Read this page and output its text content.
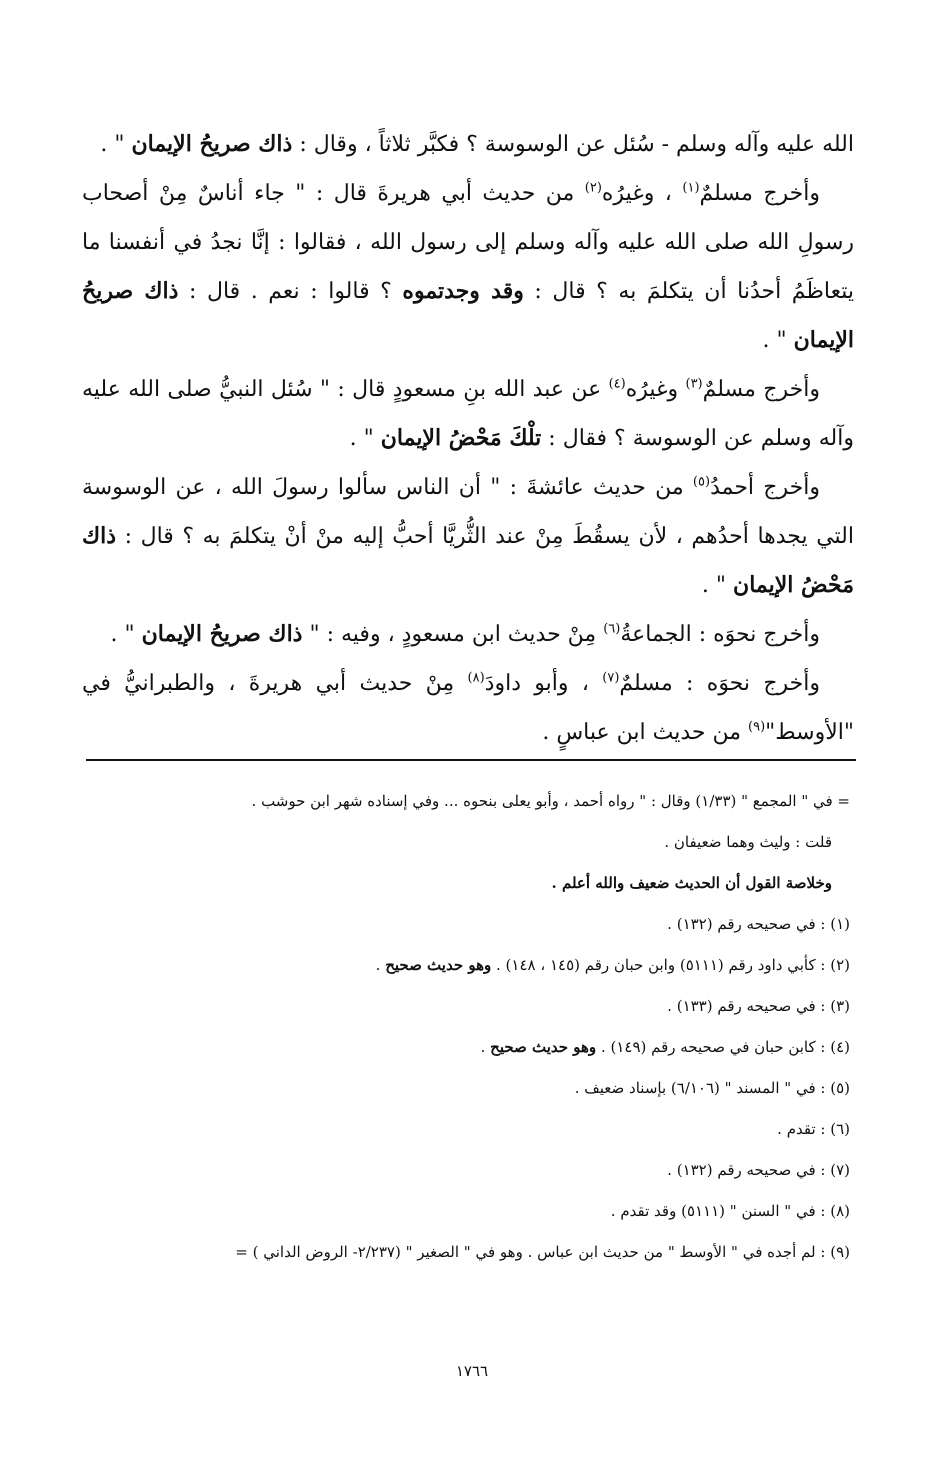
الله عليه وآله وسلم - سُئل عن الوسوسة ؟ فكبَّر ثلاثاً ، وقال : ذاك صريحُ الإيمان " .

وأخرج مسلمٌ$^{(١)}$ ، وغيرُه$^{(٢)}$ من حديث أبي هريرةَ قال : " جاء أناسٌ مِنْ أصحاب رسولِ الله صلى الله عليه وآله وسلم إلى رسول الله ، فقالوا : إنَّا نجدُ في أنفسنا ما يتعاظَمُ أحدُنا أن يتكلمَ به ؟ قال : وقد وجدتموه ؟ قالوا : نعم . قال : ذاك صريحُ الإيمان " .

وأخرج مسلمٌ$^{(٣)}$ وغيرُه$^{(٤)}$ عن عبد الله بنِ مسعودٍ قال : " سُئل النبيُّ صلى الله عليه وآله وسلم عن الوسوسة ؟ فقال : تلْكَ مَحْضُ الإيمان " .

وأخرج أحمدُ$^{(٥)}$ من حديث عائشةَ : " أن الناس سألوا رسولَ الله ، عن الوسوسة التي يجدها أحدُهم ، لأن يسقُطَ مِنْ عند الثُّريَّا أحبُّ إليه منْ أنْ يتكلمَ به ؟ قال : ذاك مَحْضُ الإيمان " .

وأخرج نحوَه : الجماعةُ$^{(٦)}$ مِنْ حديث ابن مسعودٍ ، وفيه : " ذاك صريحُ الإيمان " .

وأخرج نحوَه : مسلمٌ$^{(٧)}$ ، وأبو داودَ$^{(٨)}$ مِنْ حديث أبي هريرةَ ، والطبرانيُّ في "الأوسط"$^{(٩)}$ من حديث ابن عباسٍ .

= في " المجمع " (١/٣٣) وقال : " رواه أحمد ، وأبو يعلى بنحوه ... وفي إسناده شهر ابن حوشب .

قلت : وليث وهما ضعيفان .

وخلاصة القول أن الحديث ضعيف والله أعلم .

(١) : في صحيحه رقم (١٣٢) .

(٢) : كأبي داود رقم (٥١١١) وابن حبان رقم (١٤٥ ، ١٤٨) . وهو حديث صحيح .

(٣) : في صحيحه رقم (١٣٣) .

(٤) : كابن حبان في صحيحه رقم (١٤٩) . وهو حديث صحيح .

(٥) : في " المسند " (٦/١٠٦) بإسناد ضعيف .

(٦) : تقدم .

(٧) : في صحيحه رقم (١٣٢) .

(٨) : في " السنن " (٥١١١) وقد تقدم .

(٩) : لم أجده في " الأوسط " من حديث ابن عباس . وهو في " الصغير " (٢/٢٣٧- الروض الداني ) =

١٧٦٦
